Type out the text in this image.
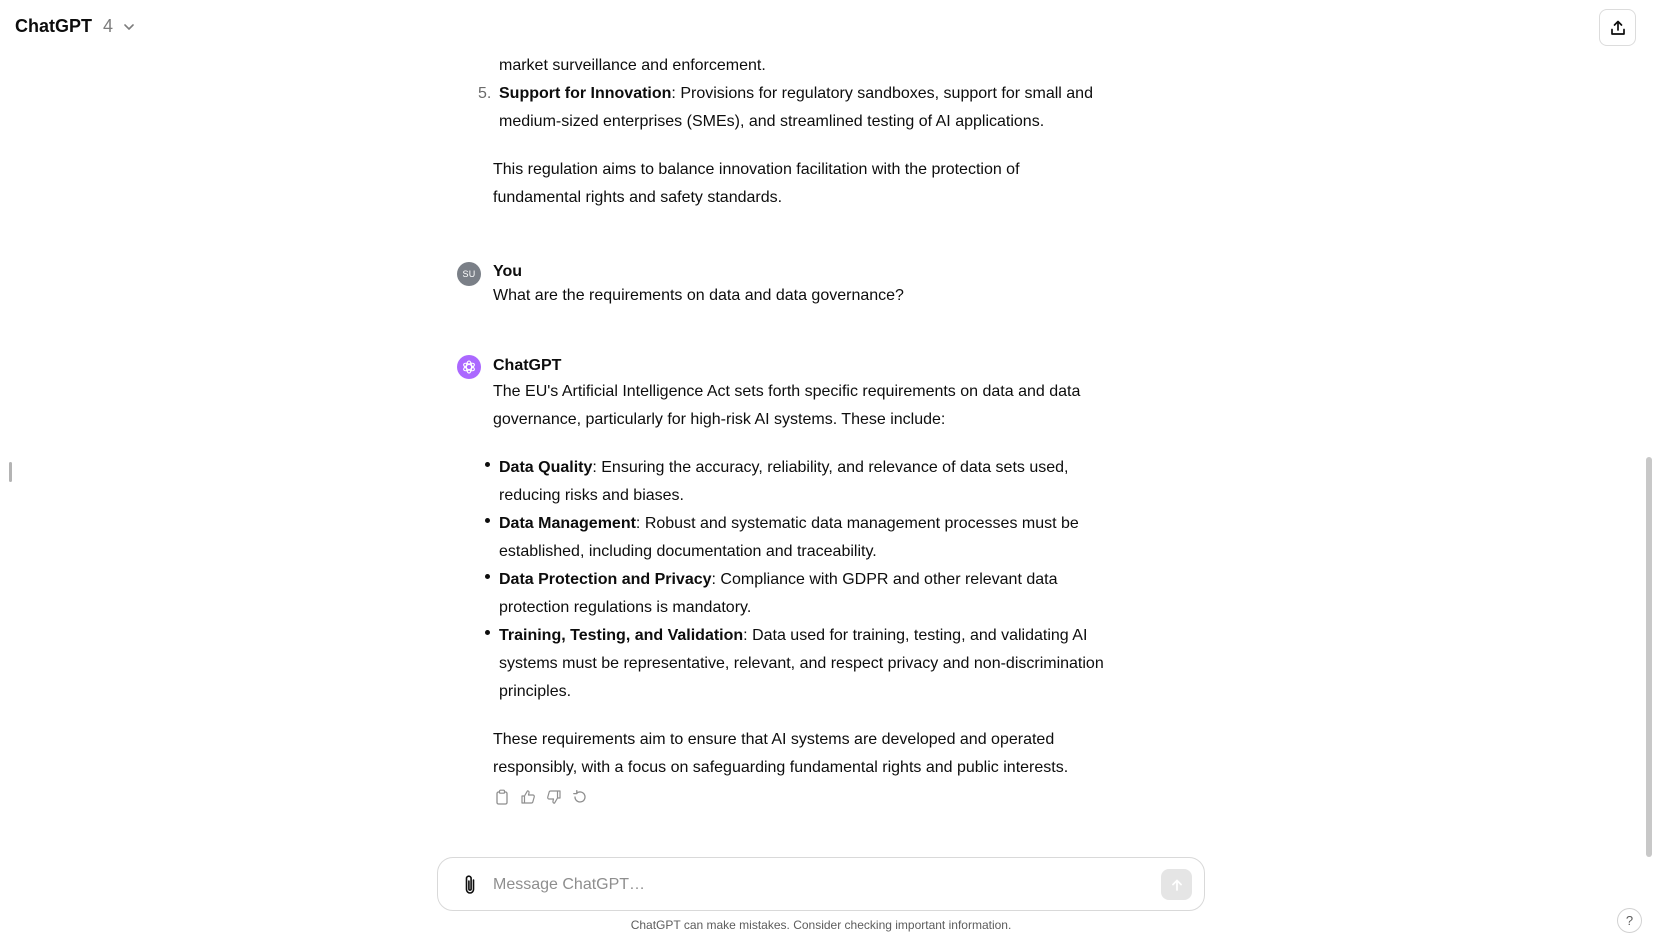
ChatGPT 4
market surveillance and enforcement.
5. Support for Innovation: Provisions for regulatory sandboxes, support for small and
medium-sized enterprises (SMEs), and streamlined testing of AI applications.
This regulation aims to balance innovation facilitation with the protection of
fundamental rights and safety standards.
SU	You
What are the requirements on data and data governance?
ChatGPT
The EU's Artificial Intelligence Act sets forth specific requirements on data and data
governance, particularly for high-risk AI systems. These include:
Data Quality: Ensuring the accuracy, reliability, and relevance of data sets used,
reducing risks and biases.
Data Management: Robust and systematic data management processes must be
established, including documentation and traceability.
Data Protection and Privacy: Compliance with GDPR and other relevant data
protection regulations is mandatory.
Training, Testing, and Validation: Data used for training, testing, and validating AI
systems must be representative, relevant, and respect privacy and non-discrimination
principles.
These requirements aim to ensure that AI systems are developed and operated
responsibly, with a focus on safeguarding fundamental rights and public interests.
Message ChatGPT…
ChatGPT can make mistakes. Consider checking important information.	?
